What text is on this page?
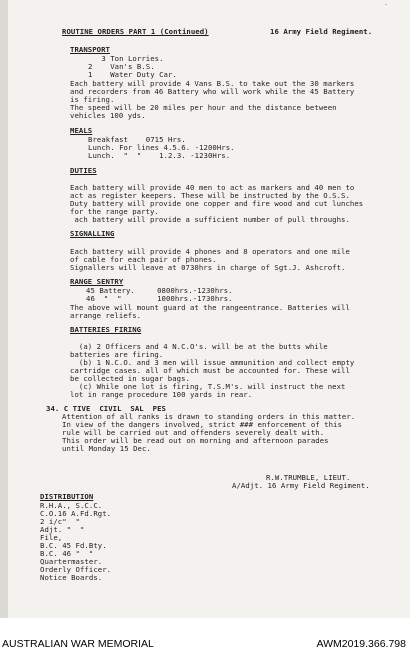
.

ROUTINE ORDERS PART 1 (Continued)	16 Army Field Regiment.

TRANSPORT

3 Ton Lorries.

2    Van's B.S.

1    Water Duty Car.

Each battery will provide 4 Vans B.S. to take out the 30 markers

and recorders from 46 Battery who will work while the 45 Battery

is firing.

The speed will be 20 miles per hour and the distance between

vehicles 100 yds.

MEALS

Breakfast    0715 Hrs.

Lunch. For lines 4.5.6. -1200Hrs.

Lunch.  "  "    1.2.3. -1230Hrs.

DUTIES

Each battery will provide 40 men to act as markers and 40 men to

act as register keepers. These will be instructed by the O.S.S.

Duty battery will provide one copper and fire wood and cut lunches

for the range party.

ach battery will provide a sufficient number of pull throughs.

SIGNALLING

Each battery will provide 4 phones and 8 operators and one mile

of cable for each pair of phones.

Signallers will leave at 0730hrs in charge of Sgt.J. Ashcroft.

RANGE SENTRY

45 Battery.     0800hrs.-1230hrs.

46  "  "        1000hrs.-1730hrs.

The above will mount guard at the rangeentrance. Batteries will

arrange reliefs.

BATTERIES FIRING

(a) 2 Officers and 4 N.C.O's. will be at the butts while

batteries are firing.

(b) 1 N.C.O. and 3 men will issue ammunition and collect empty

cartridge cases. all of which must be accounted for. These will

be collected in sugar bags.

(c) While one lot is firing, T.S.M's. will instruct the next

lot in range procedure 100 yards in rear.

34. C TIVE  CIVIL  SAL  PES

Attention of all ranks is drawn to standing orders in this matter.

In view of the dangers involved, strict ### enforcement of this

rule will be carried out and offenders severely dealt with.

This order will be read out on morning and afternoon parades

until Monday 15 Dec.

R.W.TRUMBLE, LIEUT.

A/Adjt. 16 Army Field Regiment.

DISTRIBUTION

R.H.A., S.C.C.

C.O.16 A.Fd.Rgt.

2 i/c"  "

Adjt. "  "

File,

B.C. 45 Fd.Bty.

B.C. 46 "  "

Quartermaster.

Orderly Officer.

Notice Boards.

AUSTRALIAN WAR MEMORIAL	AWM2019.366.798
